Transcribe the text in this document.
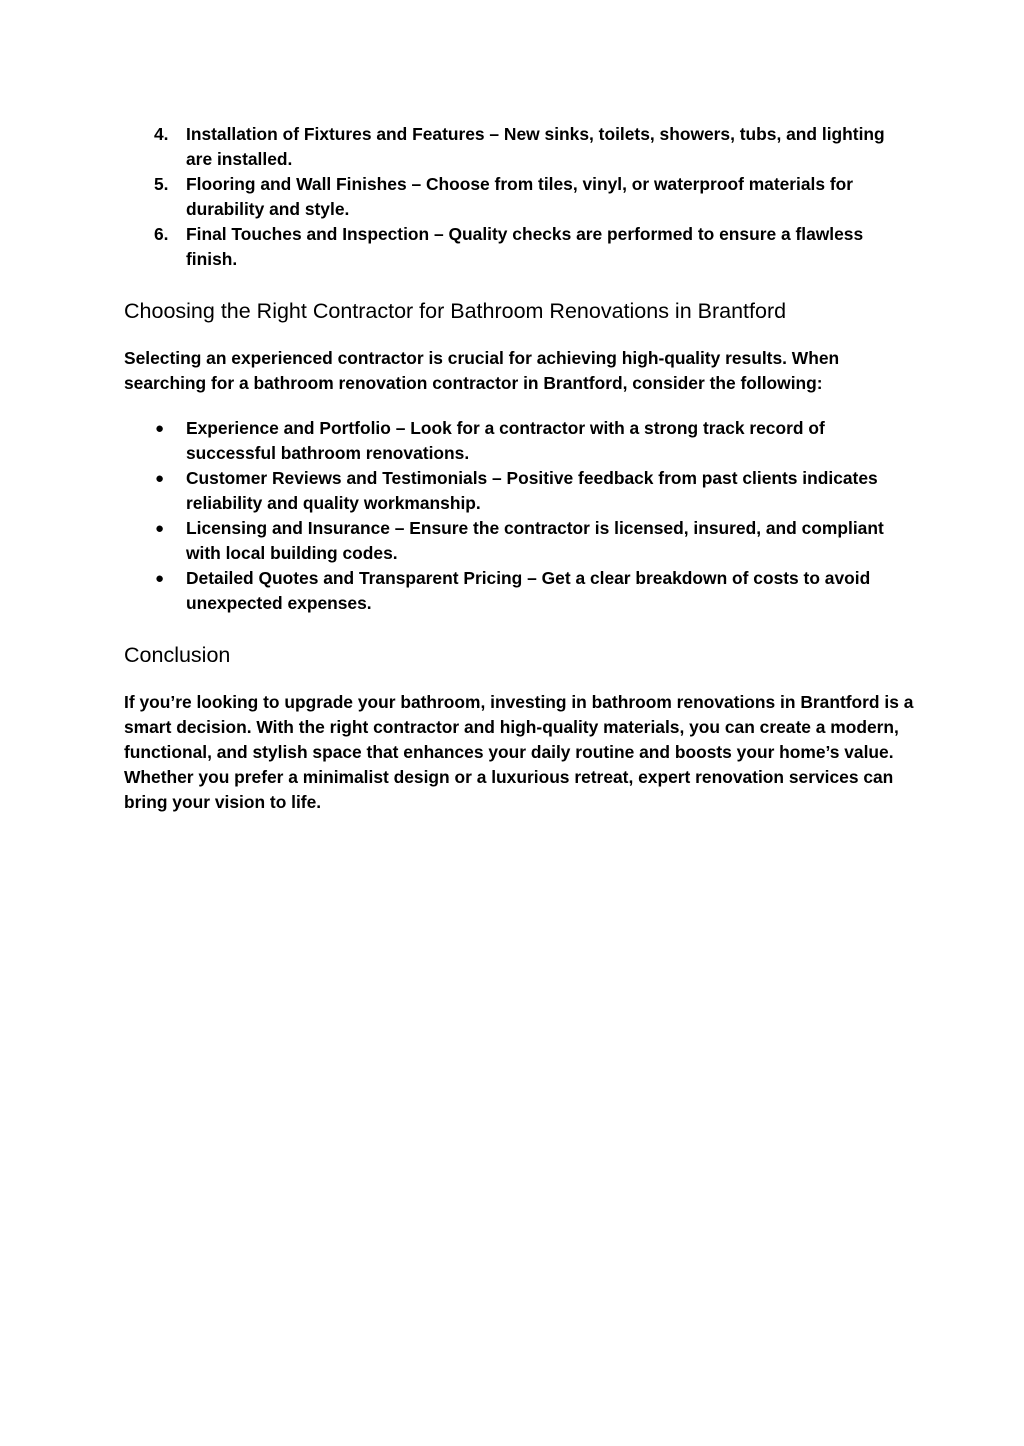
4. Installation of Fixtures and Features – New sinks, toilets, showers, tubs, and lighting are installed.
5. Flooring and Wall Finishes – Choose from tiles, vinyl, or waterproof materials for durability and style.
6. Final Touches and Inspection – Quality checks are performed to ensure a flawless finish.
Choosing the Right Contractor for Bathroom Renovations in Brantford

Selecting an experienced contractor is crucial for achieving high-quality results. When searching for a bathroom renovation contractor in Brantford, consider the following:

● Experience and Portfolio – Look for a contractor with a strong track record of successful bathroom renovations.
● Customer Reviews and Testimonials – Positive feedback from past clients indicates reliability and quality workmanship.
● Licensing and Insurance – Ensure the contractor is licensed, insured, and compliant with local building codes.
● Detailed Quotes and Transparent Pricing – Get a clear breakdown of costs to avoid unexpected expenses.
Conclusion

If you’re looking to upgrade your bathroom, investing in bathroom renovations in Brantford is a smart decision. With the right contractor and high-quality materials, you can create a modern, functional, and stylish space that enhances your daily routine and boosts your home’s value. Whether you prefer a minimalist design or a luxurious retreat, expert renovation services can bring your vision to life.
